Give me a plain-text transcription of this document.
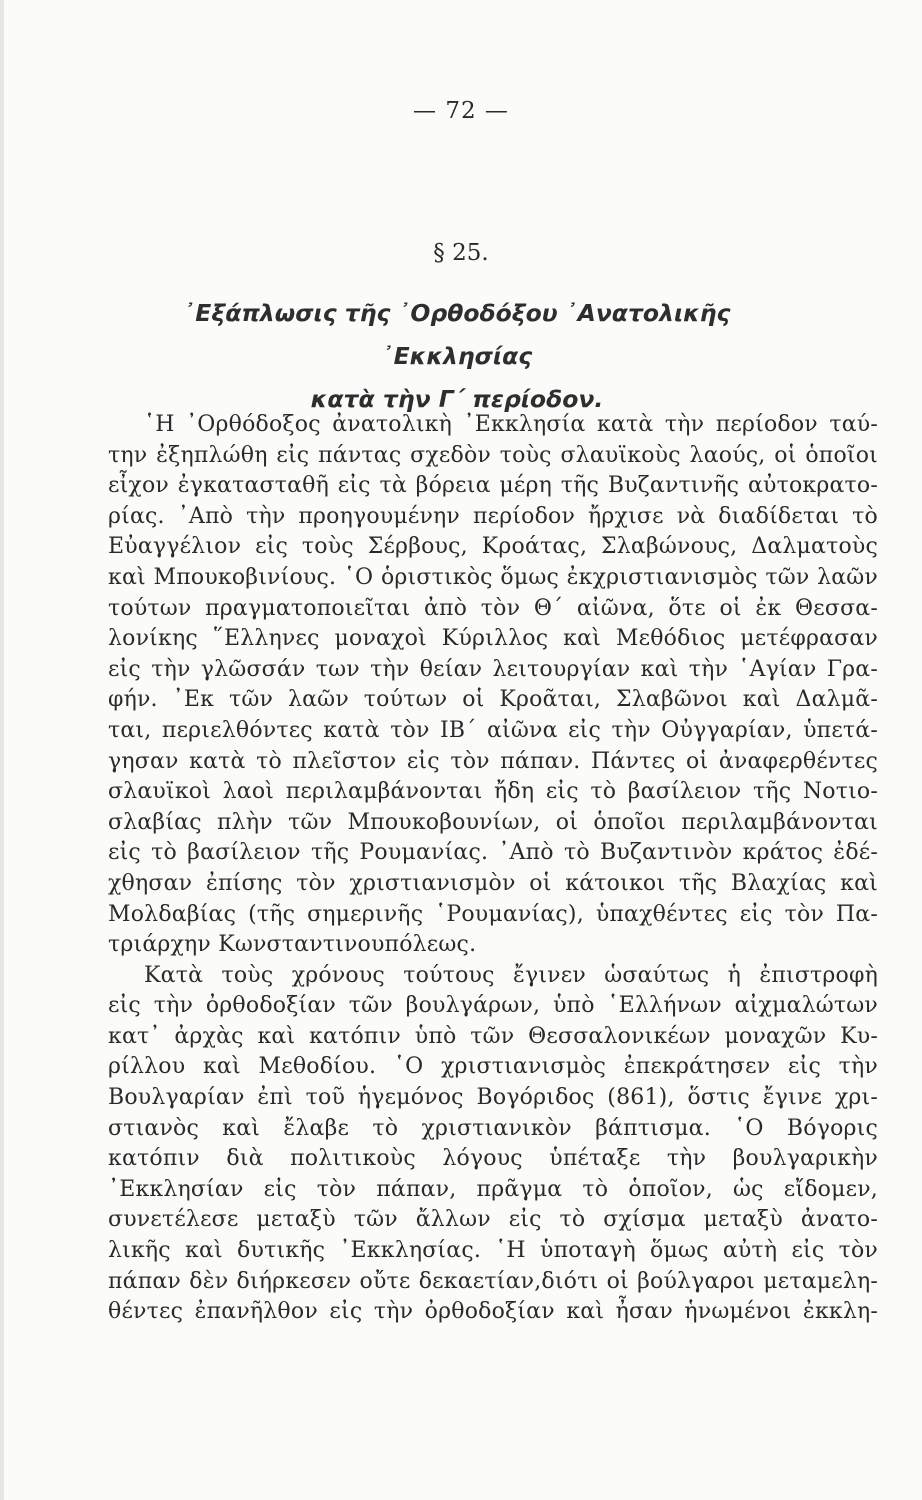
— 72 —
§ 25.
᾿Εξάπλωσις τῆς ᾿Ορθοδόξου ᾿Ανατολικῆς ᾿Εκκλησίας
κατὰ τὴν Γ΄ περίοδον.
῾Η ᾿Ορθόδοξος ἀνατολικὴ ᾿Εκκλησία κατὰ τὴν περίοδον ταύ-
την ἐξηπλώθη εἰς πάντας σχεδὸν τοὺς σλαυϊκοὺς λαούς, οἱ ὁποῖοι
εἶχον ἐγκατασταθῆ εἰς τὰ βόρεια μέρη τῆς Βυζαντινῆς αὐτοκρατο-
ρίας. ᾿Απὸ τὴν προηγουμένην περίοδον ἤρχισε νὰ διαδίδεται τὸ
Εὐαγγέλιον εἰς τοὺς Σέρβους, Κροάτας, Σλαβώνους, Δαλματοὺς
καὶ Μπουκοβινίους. ῾Ο ὁριστικὸς ὅμως ἐκχριστιανισμὸς τῶν λαῶν
τούτων πραγματοποιεῖται ἀπὸ τὸν Θ΄ αἰῶνα, ὅτε οἱ ἐκ Θεσσα-
λονίκης ῞Ελληνες μοναχοὶ Κύριλλος καὶ Μεθόδιος μετέφρασαν
εἰς τὴν γλῶσσάν των τὴν θείαν λειτουργίαν καὶ τὴν ῾Αγίαν Γρα-
φήν. ᾿Εκ τῶν λαῶν τούτων οἱ Κροᾶται, Σλαβῶνοι καὶ Δαλμᾶ-
ται, περιελθόντες κατὰ τὸν ΙΒ΄ αἰῶνα εἰς τὴν Οὐγγαρίαν, ὑπετά-
γησαν κατὰ τὸ πλεῖστον εἰς τὸν πάπαν. Πάντες οἱ ἀναφερθέντες
σλαυϊκοὶ λαοὶ περιλαμβάνονται ἤδη εἰς τὸ βασίλειον τῆς Νοτιο-
σλαβίας πλὴν τῶν Μπουκοβουνίων, οἱ ὁποῖοι περιλαμβάνονται
εἰς τὸ βασίλειον τῆς Ρουμανίας. ᾿Απὸ τὸ Βυζαντινὸν κράτος ἐδέ-
χθησαν ἐπίσης τὸν χριστιανισμὸν οἱ κάτοικοι τῆς Βλαχίας καὶ
Μολδαβίας (τῆς σημερινῆς ῾Ρουμανίας), ὑπαχθέντες εἰς τὸν Πα-
τριάρχην Κωνσταντινουπόλεως.
Κατὰ τοὺς χρόνους τούτους ἔγινεν ὡσαύτως ἡ ἐπιστροφὴ
εἰς τὴν ὀρθοδοξίαν τῶν βουλγάρων, ὑπὸ ῾Ελλήνων αἰχμαλώτων
κατ᾿ ἀρχὰς καὶ κατόπιν ὑπὸ τῶν Θεσσαλονικέων μοναχῶν Κυ-
ρίλλου καὶ Μεθοδίου. ῾Ο χριστιανισμὸς ἐπεκράτησεν εἰς τὴν
Βουλγαρίαν ἐπὶ τοῦ ἡγεμόνος Βογόριδος (861), ὅστις ἔγινε χρι-
στιανὸς καὶ ἔλαβε τὸ χριστιανικὸν βάπτισμα. ῾Ο Βόγορις
κατόπιν διὰ πολιτικοὺς λόγους ὑπέταξε τὴν βουλγαρικὴν
᾿Εκκλησίαν εἰς τὸν πάπαν, πρᾶγμα τὸ ὁποῖον, ὡς εἴδομεν,
συνετέλεσε μεταξὺ τῶν ἄλλων εἰς τὸ σχίσμα μεταξὺ ἀνατο-
λικῆς καὶ δυτικῆς ᾿Εκκλησίας. ῾Η ὑποταγὴ ὅμως αὐτὴ εἰς τὸν
πάπαν δὲν διήρκεσεν οὔτε δεκαετίαν,διότι οἱ βούλγαροι μεταμελη-
θέντες ἐπανῆλθον εἰς τὴν ὀρθοδοξίαν καὶ ἦσαν ἡνωμένοι ἐκκλη-
